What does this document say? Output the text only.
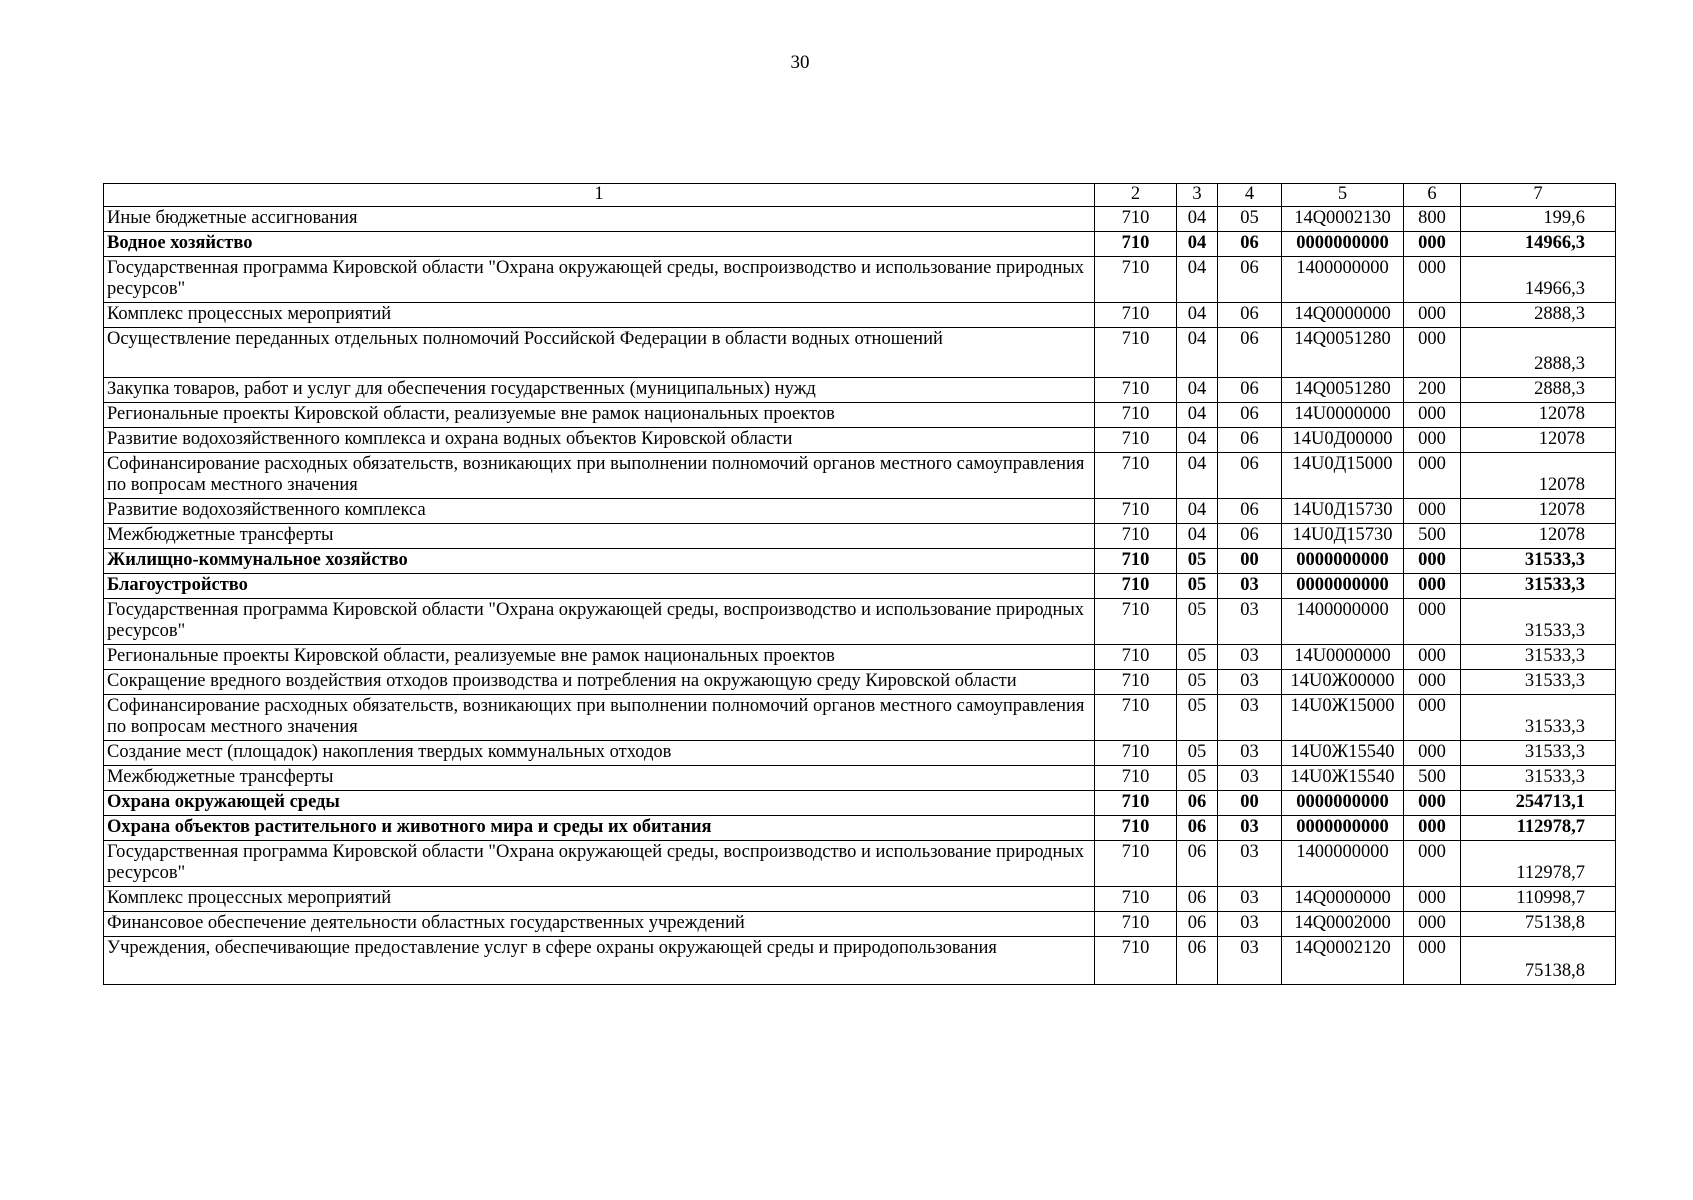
30
1	2	3	4	5	6	7
Иные бюджетные ассигнования	710	04	05	14Q0002130	800	199,6
Водное хозяйство	710	04	06	0000000000	000	14966,3
Государственная программа Кировской области "Охрана окружающей среды, воспроизводство и использование природных ресурсов"	710	04	06	1400000000	000	14966,3
Комплекс процессных мероприятий	710	04	06	14Q0000000	000	2888,3
Осуществление переданных отдельных полномочий Российской Федерации в области водных отношений	710	04	06	14Q0051280	000	2888,3
Закупка товаров, работ и услуг для обеспечения государственных (муниципальных) нужд	710	04	06	14Q0051280	200	2888,3
Региональные проекты Кировской области, реализуемые вне рамок национальных проектов	710	04	06	14U0000000	000	12078
Развитие водохозяйственного комплекса и охрана водных объектов Кировской области	710	04	06	14U0Д00000	000	12078
Софинансирование расходных обязательств, возникающих при выполнении полномочий органов местного самоуправления по вопросам местного значения	710	04	06	14U0Д15000	000	12078
Развитие водохозяйственного комплекса	710	04	06	14U0Д15730	000	12078
Межбюджетные трансферты	710	04	06	14U0Д15730	500	12078
Жилищно-коммунальное хозяйство	710	05	00	0000000000	000	31533,3
Благоустройство	710	05	03	0000000000	000	31533,3
Государственная программа Кировской области "Охрана окружающей среды, воспроизводство и использование природных ресурсов"	710	05	03	1400000000	000	31533,3
Региональные проекты Кировской области, реализуемые вне рамок национальных проектов	710	05	03	14U0000000	000	31533,3
Сокращение вредного воздействия отходов производства и потребления на окружающую среду Кировской области	710	05	03	14U0Ж00000	000	31533,3
Софинансирование расходных обязательств, возникающих при выполнении полномочий органов местного самоуправления по вопросам местного значения	710	05	03	14U0Ж15000	000	31533,3
Создание мест (площадок) накопления твердых коммунальных отходов	710	05	03	14U0Ж15540	000	31533,3
Межбюджетные трансферты	710	05	03	14U0Ж15540	500	31533,3
Охрана окружающей среды	710	06	00	0000000000	000	254713,1
Охрана объектов растительного и животного мира и среды их обитания	710	06	03	0000000000	000	112978,7
Государственная программа Кировской области "Охрана окружающей среды, воспроизводство и использование природных ресурсов"	710	06	03	1400000000	000	112978,7
Комплекс процессных мероприятий	710	06	03	14Q0000000	000	110998,7
Финансовое обеспечение деятельности областных государственных учреждений	710	06	03	14Q0002000	000	75138,8
Учреждения, обеспечивающие предоставление услуг в сфере охраны окружающей среды и природопользования	710	06	03	14Q0002120	000	75138,8
